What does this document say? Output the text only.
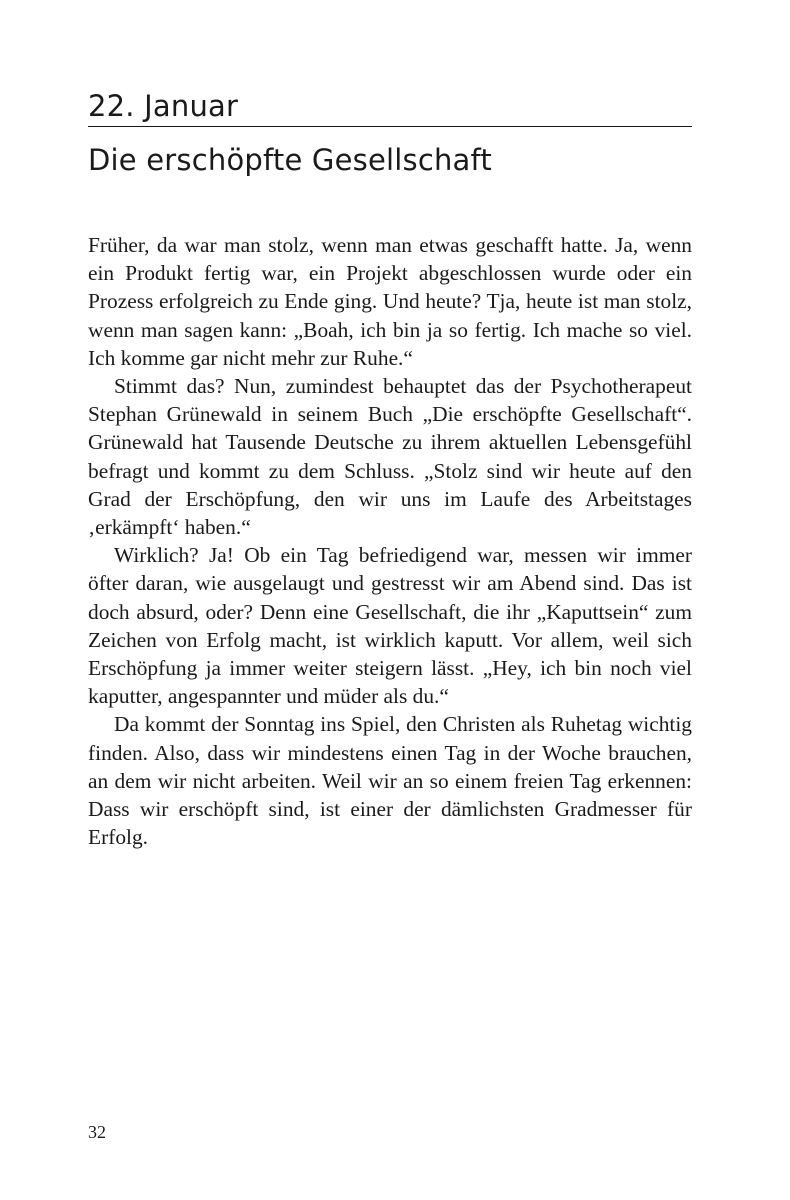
22. Januar
Die erschöpfte Gesellschaft

Früher, da war man stolz, wenn man etwas geschafft hatte. Ja, wenn ein Produkt fertig war, ein Projekt abgeschlossen wurde oder ein Prozess erfolgreich zu Ende ging. Und heute? Tja, heute ist man stolz, wenn man sagen kann: „Boah, ich bin ja so fertig. Ich mache so viel. Ich komme gar nicht mehr zur Ruhe.“

Stimmt das? Nun, zumindest behauptet das der Psychotherapeut Stephan Grünewald in seinem Buch „Die erschöpfte Gesellschaft“. Grünewald hat Tausende Deutsche zu ihrem aktuellen Lebensgefühl befragt und kommt zu dem Schluss. „Stolz sind wir heute auf den Grad der Erschöpfung, den wir uns im Laufe des Arbeitstages ‚erkämpft‘ haben.“

Wirklich? Ja! Ob ein Tag befriedigend war, messen wir immer öfter daran, wie ausgelaugt und gestresst wir am Abend sind. Das ist doch absurd, oder? Denn eine Gesellschaft, die ihr „Kaputtsein“ zum Zeichen von Erfolg macht, ist wirklich kaputt. Vor allem, weil sich Erschöpfung ja immer weiter steigern lässt. „Hey, ich bin noch viel kaputter, angespannter und müder als du.“

Da kommt der Sonntag ins Spiel, den Christen als Ruhetag wichtig finden. Also, dass wir mindestens einen Tag in der Woche brauchen, an dem wir nicht arbeiten. Weil wir an so einem freien Tag erkennen: Dass wir erschöpft sind, ist einer der dämlichsten Gradmesser für Erfolg.

32
